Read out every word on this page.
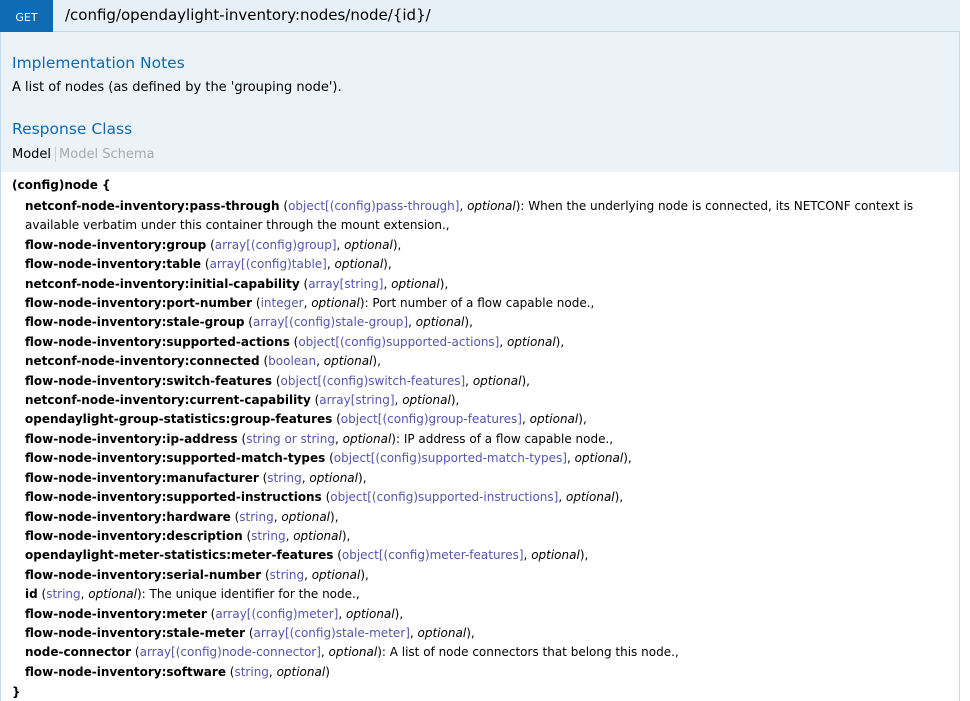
GET	/config/opendaylight-inventory:nodes/node/{id}/
Implementation Notes
A list of nodes (as defined by the 'grouping node').
Response Class
Model Model Schema
(config)node {
netconf-node-inventory:pass-through (object[(config)pass-through], optional): When the underlying node is connected, its NETCONF context is available verbatim under this container through the mount extension.,
flow-node-inventory:group (array[(config)group], optional),
flow-node-inventory:table (array[(config)table], optional),
netconf-node-inventory:initial-capability (array[string], optional),
flow-node-inventory:port-number (integer, optional): Port number of a flow capable node.,
flow-node-inventory:stale-group (array[(config)stale-group], optional),
flow-node-inventory:supported-actions (object[(config)supported-actions], optional),
netconf-node-inventory:connected (boolean, optional),
flow-node-inventory:switch-features (object[(config)switch-features], optional),
netconf-node-inventory:current-capability (array[string], optional),
opendaylight-group-statistics:group-features (object[(config)group-features], optional),
flow-node-inventory:ip-address (string or string, optional): IP address of a flow capable node.,
flow-node-inventory:supported-match-types (object[(config)supported-match-types], optional),
flow-node-inventory:manufacturer (string, optional),
flow-node-inventory:supported-instructions (object[(config)supported-instructions], optional),
flow-node-inventory:hardware (string, optional),
flow-node-inventory:description (string, optional),
opendaylight-meter-statistics:meter-features (object[(config)meter-features], optional),
flow-node-inventory:serial-number (string, optional),
id (string, optional): The unique identifier for the node.,
flow-node-inventory:meter (array[(config)meter], optional),
flow-node-inventory:stale-meter (array[(config)stale-meter], optional),
node-connector (array[(config)node-connector], optional): A list of node connectors that belong this node.,
flow-node-inventory:software (string, optional)
}
